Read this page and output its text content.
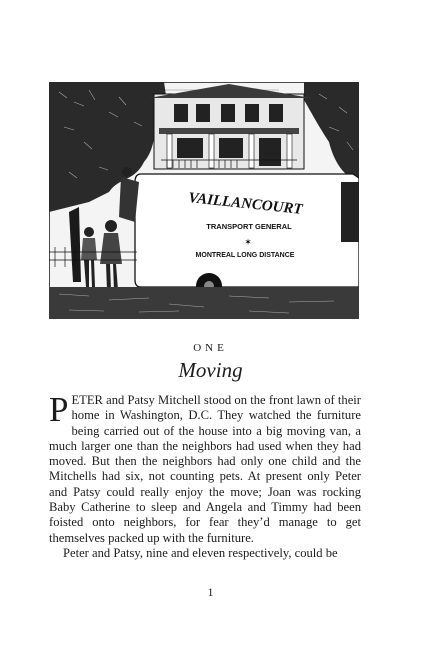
VAILLANCOURT
TRANSPORT GENERAL
✶
MONTREAL LONG DISTANCE
ONE
Moving

PETER and Patsy Mitchell stood on the front lawn of their home in Washington, D.C. They watched the furniture being carried out of the house into a big moving van, a much larger one than the neighbors had used when they had moved. But then the neighbors had only one child and the Mitchells had six, not counting pets. At present only Peter and Patsy could really enjoy the move; Joan was rocking Baby Catherine to sleep and Angela and Timmy had been foisted onto neighbors, for fear they’d manage to get themselves packed up with the furniture.

Peter and Patsy, nine and eleven respectively, could be

1
